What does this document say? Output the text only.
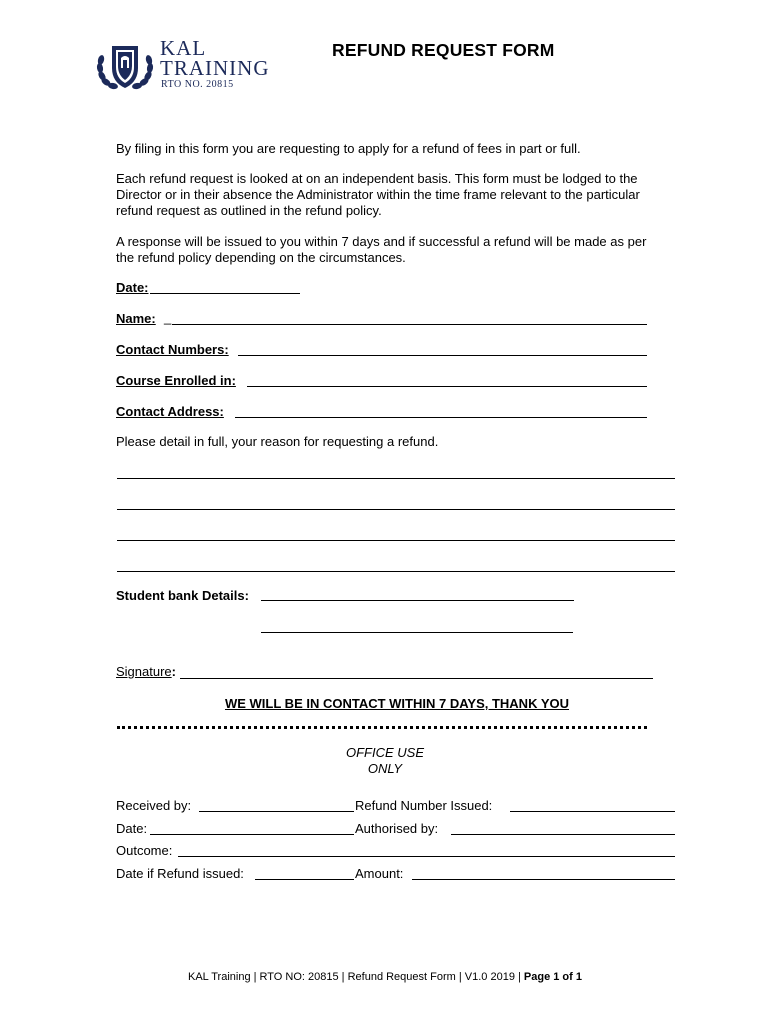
KAL
TRAINING
RTO NO. 20815
REFUND REQUEST FORM
By filing in this form you are requesting to apply for a refund of fees in part or full.
Each refund request is looked at on an independent basis. This form must be lodged to the Director or in their absence the Administrator within the time frame relevant to the particular refund request as outlined in the refund policy.
A response will be issued to you within 7 days and if successful a refund will be made as per the refund policy depending on the circumstances.
Date:
Name: _
Contact Numbers:
Course Enrolled in:
Contact Address:
Please detail in full, your reason for requesting a refund.
Student bank Details:
Signature:
WE WILL BE IN CONTACT WITHIN 7 DAYS, THANK YOU
OFFICE USE
ONLY
Received by:	Refund Number Issued:
Date:	Authorised by:
Outcome:
Date if Refund issued:	Amount:
KAL Training | RTO NO: 20815 | Refund Request Form | V1.0 2019 | Page 1 of 1
